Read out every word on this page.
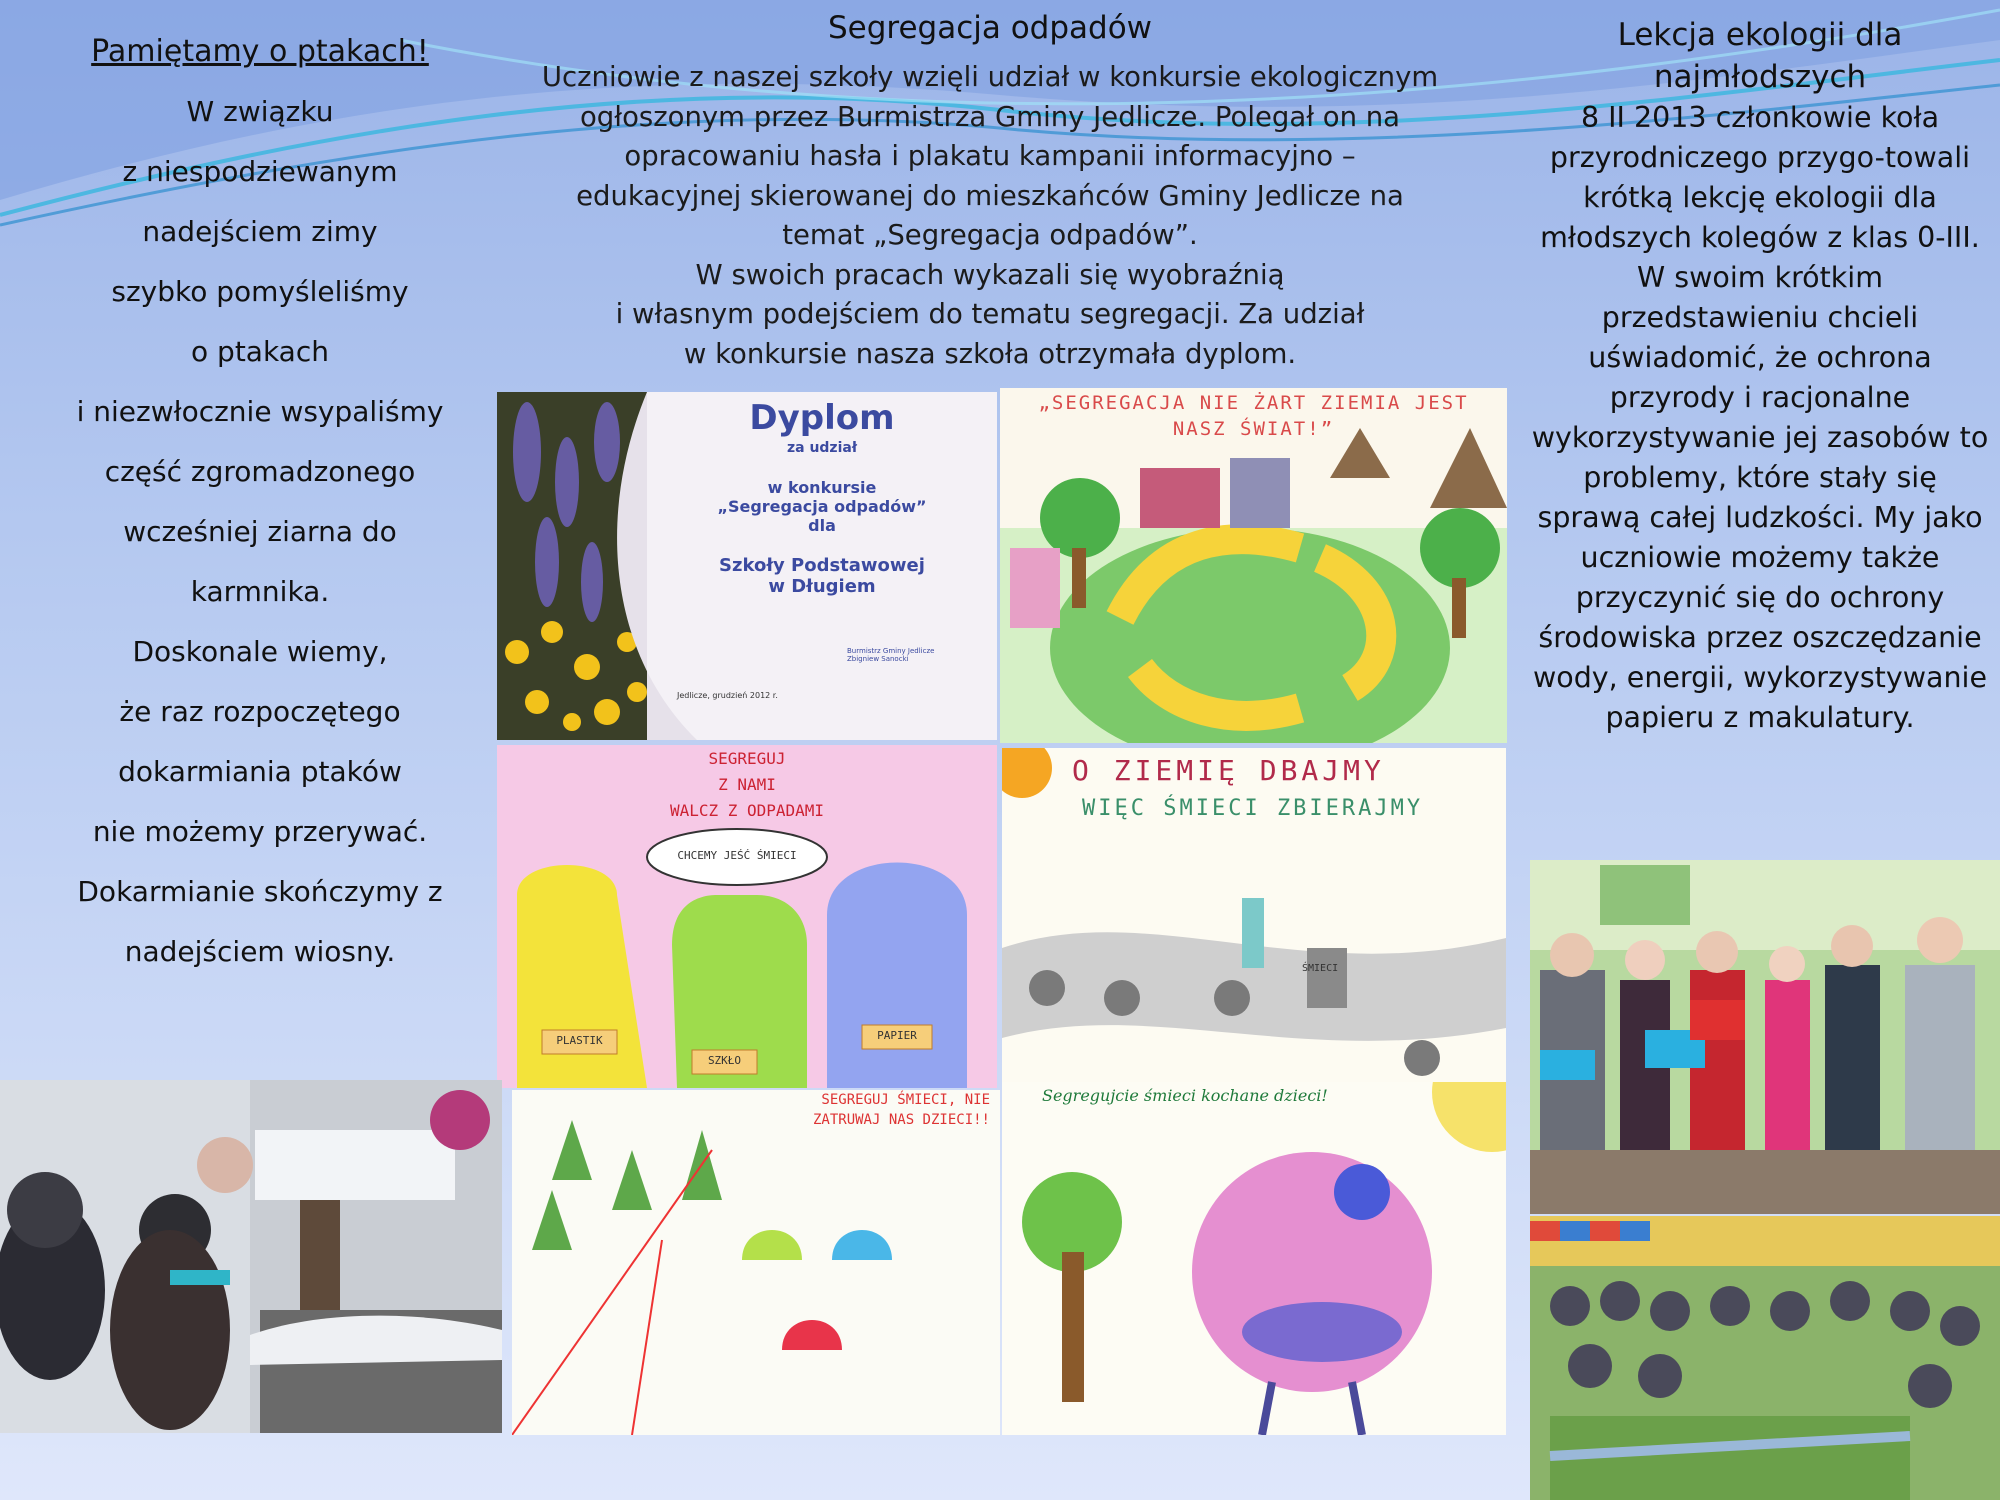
Pamiętamy o ptakach!
W związku
z niespodziewanym
nadejściem zimy
szybko pomyśleliśmy
o ptakach
i niezwłocznie wsypaliśmy
część zgromadzonego
wcześniej ziarna do
karmnika.
Doskonale wiemy,
że raz rozpoczętego
dokarmiania ptaków
nie możemy przerywać.
Dokarmianie skończymy z
nadejściem wiosny.
Segregacja odpadów
Uczniowie z naszej szkoły wzięli udział w konkursie ekologicznym
ogłoszonym przez Burmistrza Gminy Jedlicze. Polegał on na
opracowaniu hasła i plakatu kampanii informacyjno –
edukacyjnej skierowanej do mieszkańców Gminy Jedlicze na
temat „Segregacja odpadów”.
W swoich pracach wykazali się wyobraźnią
i własnym podejściem do tematu segregacji. Za udział
w konkursie nasza szkoła otrzymała dyplom.
Lekcja ekologii dla
najmłodszych
8 II 2013 członkowie koła
przyrodniczego przygo-towali
krótką lekcję ekologii dla
młodszych kolegów z klas 0-III.
W swoim krótkim
przedstawieniu chcieli
uświadomić, że ochrona
przyrody i racjonalne
wykorzystywanie jej zasobów to
problemy, które stały się
sprawą całej ludzkości. My jako
uczniowie możemy także
przyczynić się do ochrony
środowiska przez oszczędzanie
wody, energii, wykorzystywanie
papieru z makulatury.
Dyplom
za udział
w konkursie
„Segregacja odpadów”
dla
Szkoły Podstawowej
w Długiem
Burmistrz Gminy Jedlicze
Zbigniew Sanocki
Jedlicze, grudzień 2012 r.
„SEGREGACJA NIE ŻART ZIEMIA JEST
NASZ ŚWIAT!”
SEGREGUJ
Z NAMI
WALCZ Z ODPADAMI
CHCEMY JEŚĆ ŚMIECI
PLASTIK
SZKŁO
PAPIER
O ZIEMIĘ DBAJMY
WIĘC ŚMIECI ZBIERAJMY
ŚMIECI
SEGREGUJ ŚMIECI, NIE
ZATRUWAJ NAS DZIECI!!
Segregujcie śmieci kochane dzieci!
